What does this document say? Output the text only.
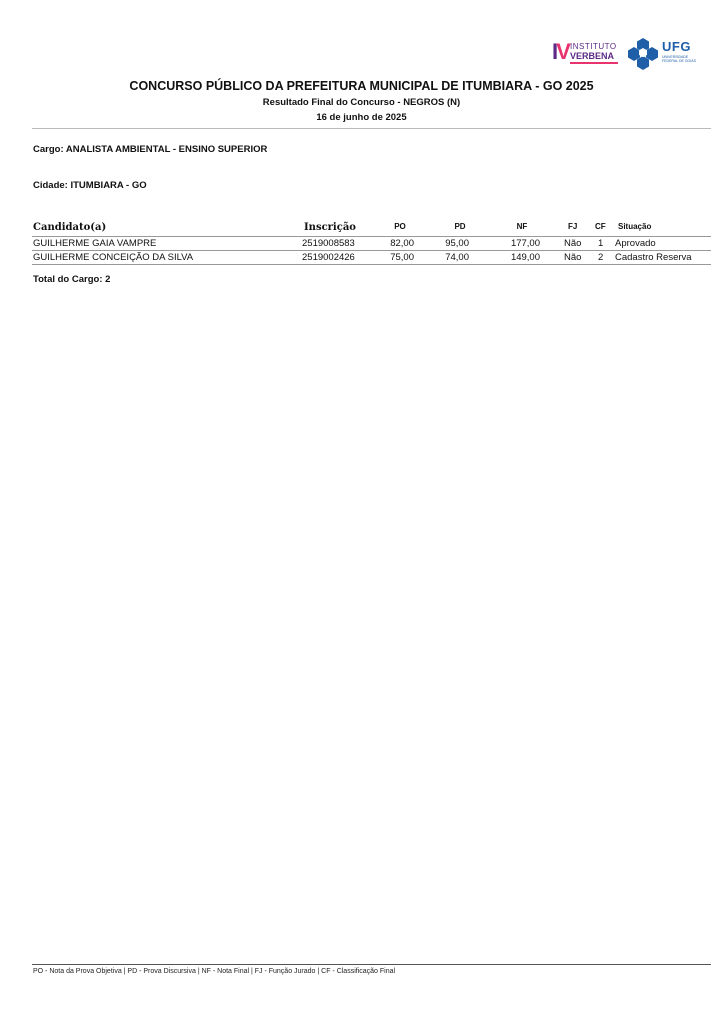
IV INSTITUTO
VERBENA
UFG
UNIVERSIDADE FEDERAL DE GOIÁS
CONCURSO PÚBLICO DA PREFEITURA MUNICIPAL DE ITUMBIARA - GO 2025
Resultado Final do Concurso - NEGROS (N)
16 de junho de 2025
Cargo: ANALISTA AMBIENTAL - ENSINO SUPERIOR
Cidade: ITUMBIARA - GO
Candidato(a)	Inscrição	PO	PD	NF	FJ CF Situação
GUILHERME GAIA VAMPRE	2519008583	82,00	95,00	177,00	Não 1 Aprovado
GUILHERME CONCEIÇÃO DA SILVA	2519002426	75,00	74,00	149,00	Não 2 Cadastro Reserva
Total do Cargo: 2
PO - Nota da Prova Objetiva | PD - Prova Discursiva | NF - Nota Final | FJ - Função Jurado | CF - Classificação Final
